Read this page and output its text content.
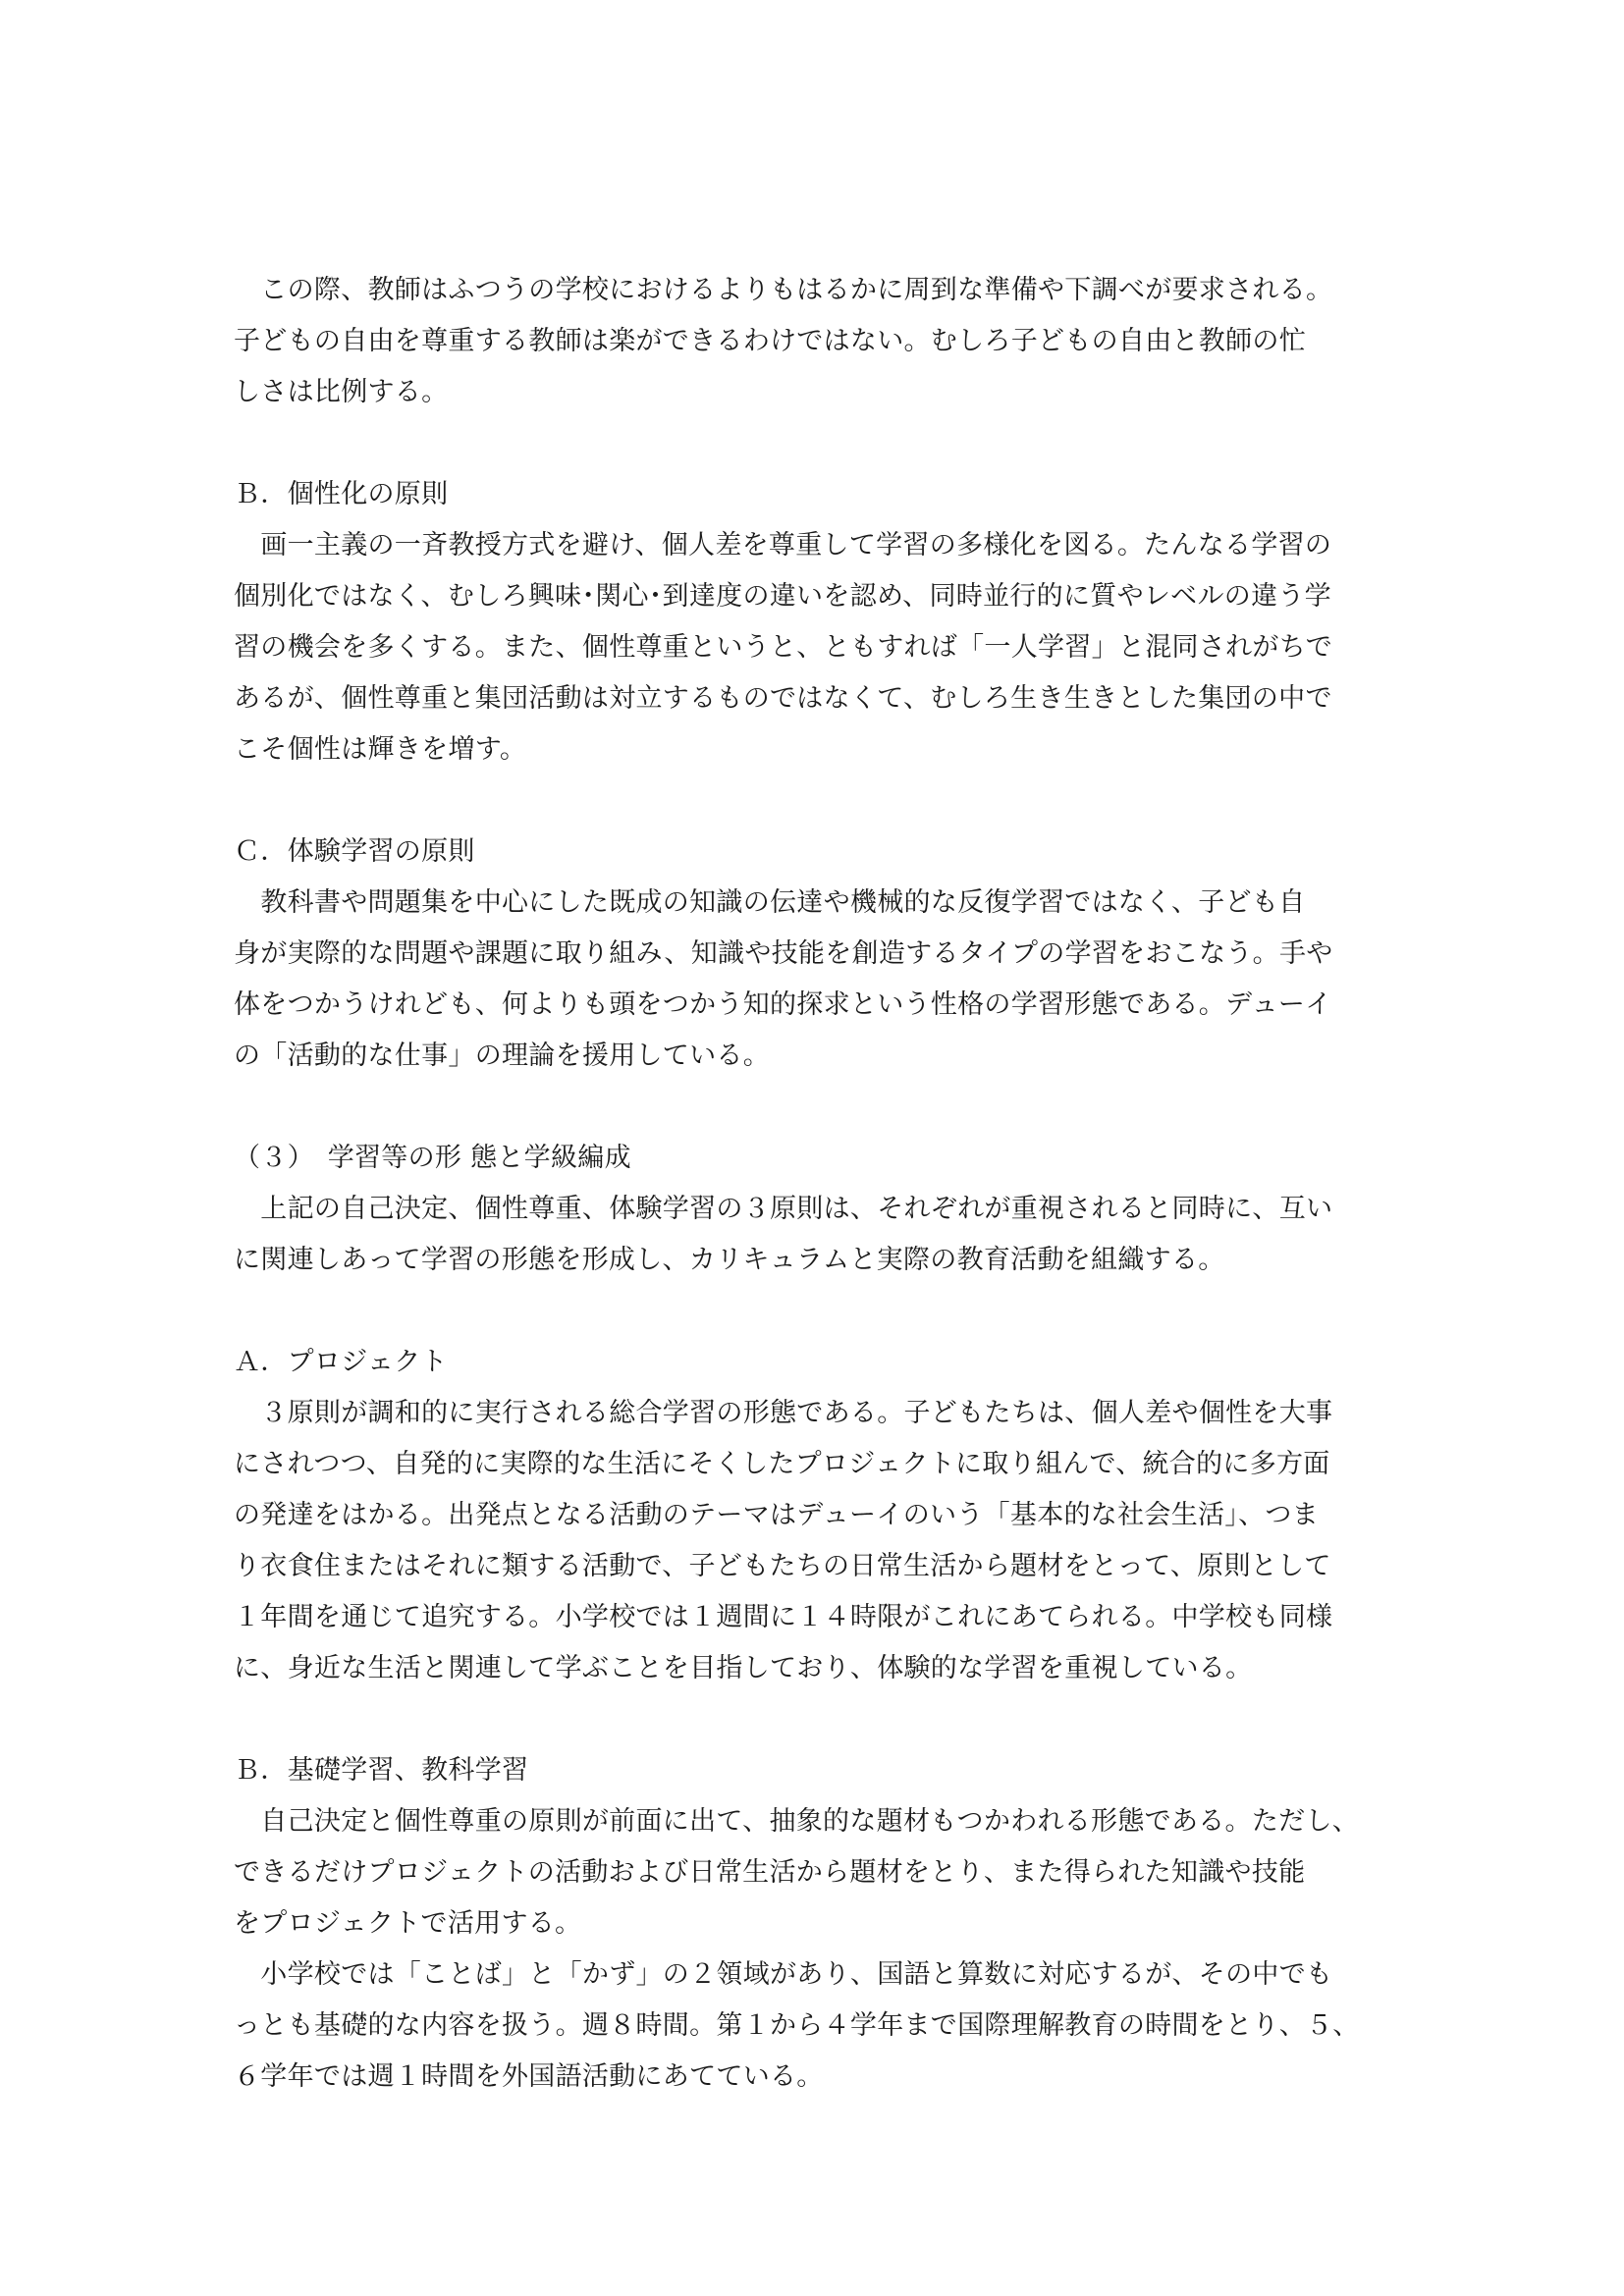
　この際、教師はふつうの学校におけるよりもはるかに周到な準備や下調べが要求される。
子どもの自由を尊重する教師は楽ができるわけではない。むしろ子どもの自由と教師の忙
しさは比例する。
Ｂ．個性化の原則
　画一主義の一斉教授方式を避け、個人差を尊重して学習の多様化を図る。たんなる学習の
個別化ではなく、むしろ興味･関心･到達度の違いを認め、同時並行的に質やレベルの違う学
習の機会を多くする。また、個性尊重というと、ともすれば「一人学習」と混同されがちで
あるが、個性尊重と集団活動は対立するものではなくて、むしろ生き生きとした集団の中で
こそ個性は輝きを増す。
Ｃ．体験学習の原則
　教科書や問題集を中心にした既成の知識の伝達や機械的な反復学習ではなく、子ども自
身が実際的な問題や課題に取り組み、知識や技能を創造するタイプの学習をおこなう。手や
体をつかうけれども、何よりも頭をつかう知的探求という性格の学習形態である。デューイ
の「活動的な仕事」の理論を援用している。
（３）　学習等の形 態と学級編成
　上記の自己決定、個性尊重、体験学習の３原則は、それぞれが重視されると同時に、互い
に関連しあって学習の形態を形成し、カリキュラムと実際の教育活動を組織する。
Ａ．プロジェクト
　３原則が調和的に実行される総合学習の形態である。子どもたちは、個人差や個性を大事
にされつつ、自発的に実際的な生活にそくしたプロジェクトに取り組んで、統合的に多方面
の発達をはかる。出発点となる活動のテーマはデューイのいう「基本的な社会生活」、つま
り衣食住またはそれに類する活動で、子どもたちの日常生活から題材をとって、原則として
１年間を通じて追究する。小学校では１週間に１４時限がこれにあてられる。中学校も同様
に、身近な生活と関連して学ぶことを目指しており、体験的な学習を重視している。
Ｂ．基礎学習、教科学習
　自己決定と個性尊重の原則が前面に出て、抽象的な題材もつかわれる形態である。ただし、
できるだけプロジェクトの活動および日常生活から題材をとり、また得られた知識や技能
をプロジェクトで活用する。
　小学校では「ことば」と「かず」の２領域があり、国語と算数に対応するが、その中でも
っとも基礎的な内容を扱う。週８時間。第１から４学年まで国際理解教育の時間をとり、５、
６学年では週１時間を外国語活動にあてている。
